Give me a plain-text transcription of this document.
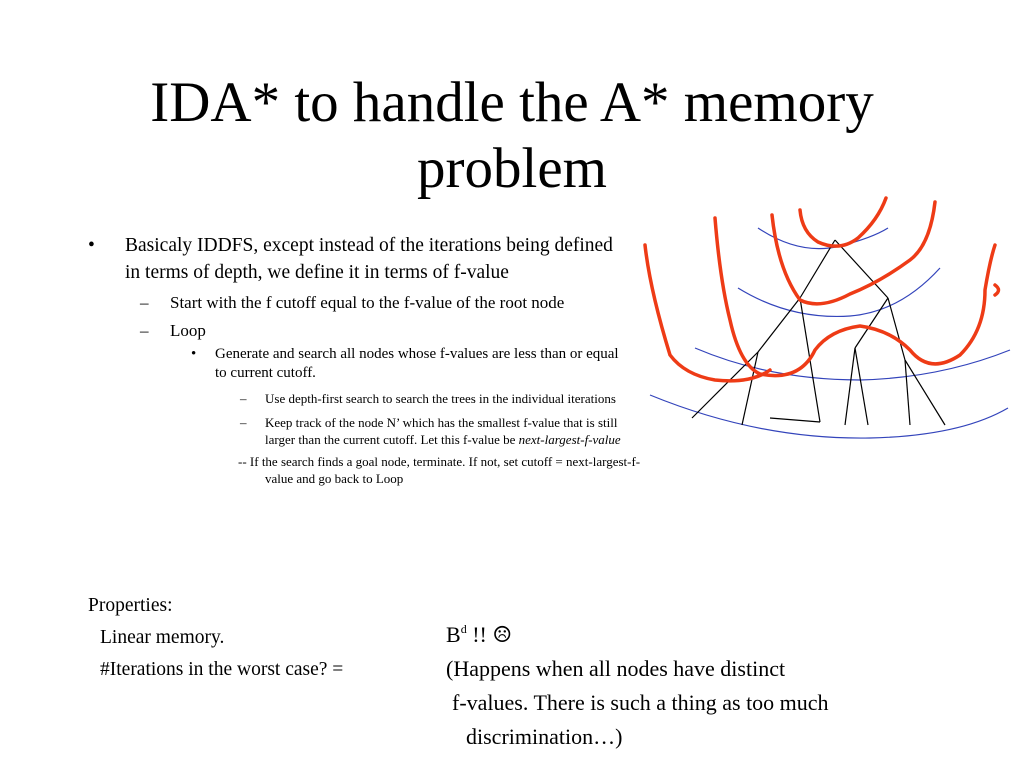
IDA* to handle the A* memory
problem
• Basicaly IDDFS, except instead of the iterations being defined in terms of depth, we define it in terms of f-value
– Start with the f cutoff equal to the f-value of the root node
– Loop
• Generate and search all nodes whose f-values are less than or equal to current cutoff.
– Use depth-first search to search the trees in the individual iterations
– Keep track of the node N’ which has the smallest f-value that is still larger than the current cutoff. Let this f-value be next-largest-f-value
-- If the search finds a goal node, terminate. If not, set cutoff = next-largest-f-value and go back to Loop
Properties:
Linear memory.
#Iterations in the worst case? =
$B^d$ !! ☹
(Happens when all nodes have distinct
f-values. There is such a thing as too much
discrimination…)
